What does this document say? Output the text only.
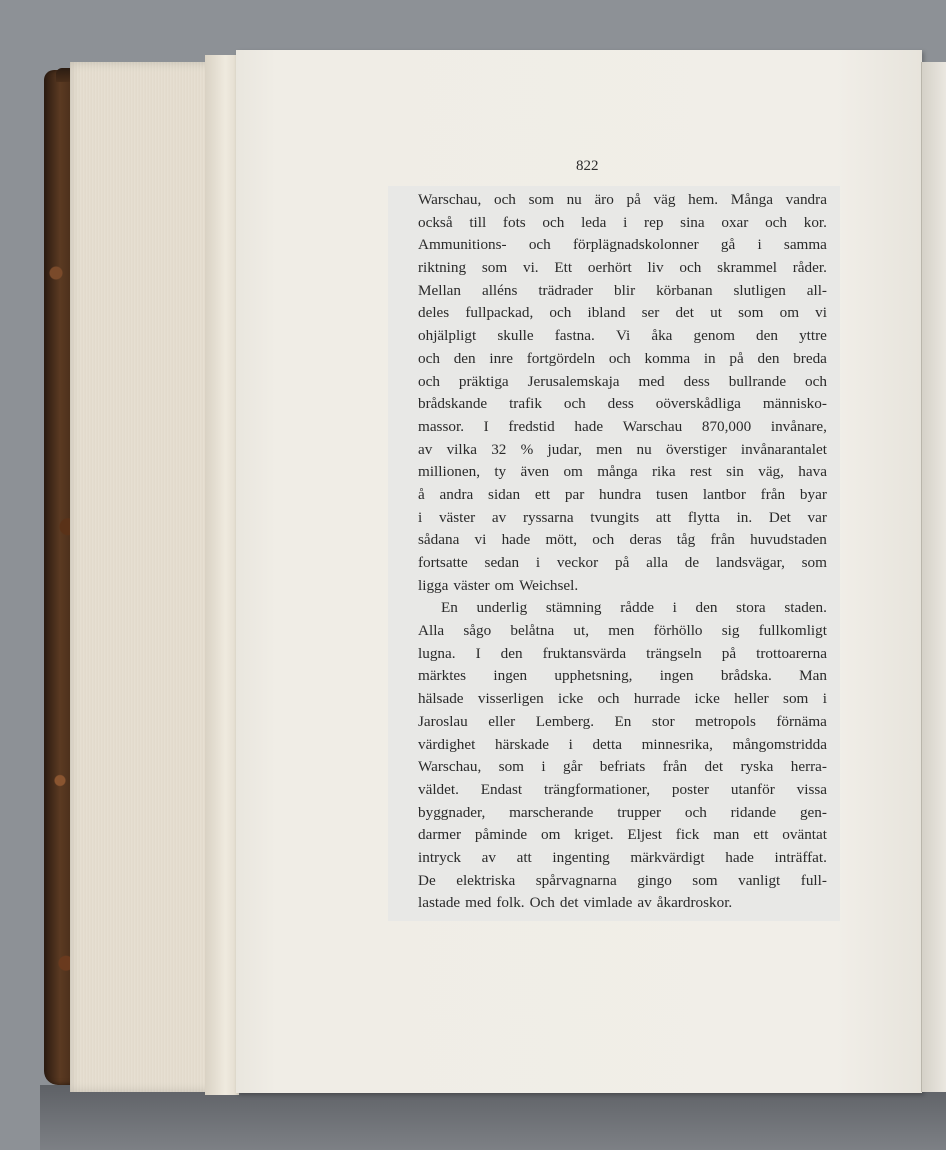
822
Warschau, och som nu äro på väg hem. Många vandra
också till fots och leda i rep sina oxar och kor.
Ammunitions- och förplägnadskolonner gå i samma
riktning som vi. Ett oerhört liv och skrammel råder.
Mellan alléns trädrader blir körbanan slutligen all-
deles fullpackad, och ibland ser det ut som om vi
ohjälpligt skulle fastna. Vi åka genom den yttre
och den inre fortgördeln och komma in på den breda
och präktiga Jerusalemskaja med dess bullrande och
brådskande trafik och dess oöverskådliga människo-
massor. I fredstid hade Warschau 870,000 invånare,
av vilka 32 % judar, men nu överstiger invånarantalet
millionen, ty även om många rika rest sin väg, hava
å andra sidan ett par hundra tusen lantbor från byar
i väster av ryssarna tvungits att flytta in. Det var
sådana vi hade mött, och deras tåg från huvudstaden
fortsatte sedan i veckor på alla de landsvägar, som
ligga väster om Weichsel.
En underlig stämning rådde i den stora staden.
Alla sågo belåtna ut, men förhöllo sig fullkomligt
lugna. I den fruktansvärda trängseln på trottoarerna
märktes ingen upphetsning, ingen brådska. Man
hälsade visserligen icke och hurrade icke heller som i
Jaroslau eller Lemberg. En stor metropols förnäma
värdighet härskade i detta minnesrika, mångomstridda
Warschau, som i går befriats från det ryska herra-
väldet. Endast trängformationer, poster utanför vissa
byggnader, marscherande trupper och ridande gen-
darmer påminde om kriget. Eljest fick man ett oväntat
intryck av att ingenting märkvärdigt hade inträffat.
De elektriska spårvagnarna gingo som vanligt full-
lastade med folk. Och det vimlade av åkardroskor.
